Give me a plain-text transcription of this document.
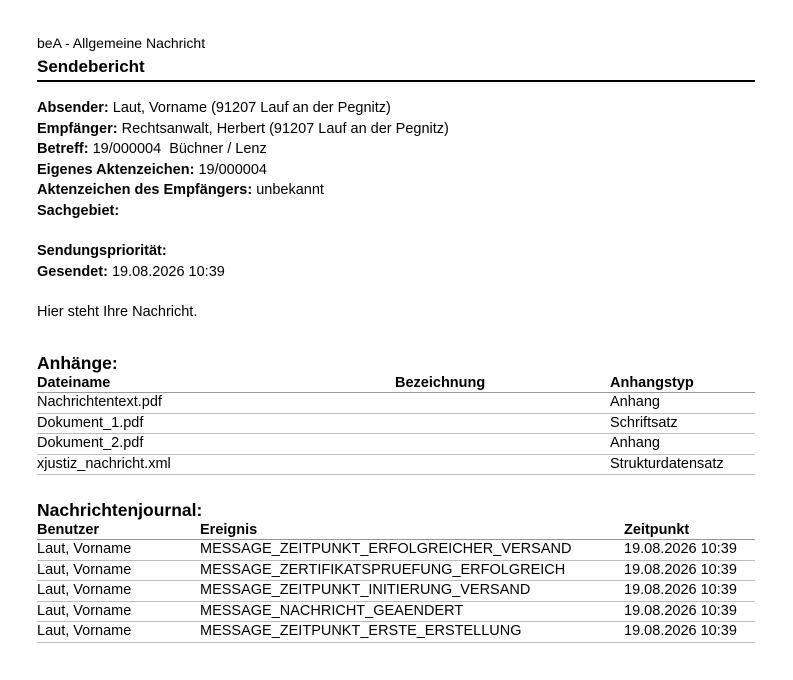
beA - Allgemeine Nachricht
Sendebericht
Absender: Laut, Vorname (91207 Lauf an der Pegnitz)
Empfänger: Rechtsanwalt, Herbert (91207 Lauf an der Pegnitz)
Betreff: 19/000004  Büchner / Lenz
Eigenes Aktenzeichen: 19/000004
Aktenzeichen des Empfängers: unbekannt
Sachgebiet:
Sendungspriorität:
Gesendet: 19.08.2026 10:39
Hier steht Ihre Nachricht.
Anhänge:
Dateiname	Bezeichnung	Anhangstyp
Nachrichtentext.pdf		Anhang
Dokument_1.pdf		Schriftsatz
Dokument_2.pdf		Anhang
xjustiz_nachricht.xml		Strukturdatensatz
Nachrichtenjournal:
Benutzer	Ereignis	Zeitpunkt
Laut, Vorname	MESSAGE_ZEITPUNKT_ERFOLGREICHER_VERSAND	19.08.2026 10:39
Laut, Vorname	MESSAGE_ZERTIFIKATSPRUEFUNG_ERFOLGREICH	19.08.2026 10:39
Laut, Vorname	MESSAGE_ZEITPUNKT_INITIERUNG_VERSAND	19.08.2026 10:39
Laut, Vorname	MESSAGE_NACHRICHT_GEAENDERT	19.08.2026 10:39
Laut, Vorname	MESSAGE_ZEITPUNKT_ERSTE_ERSTELLUNG	19.08.2026 10:39
